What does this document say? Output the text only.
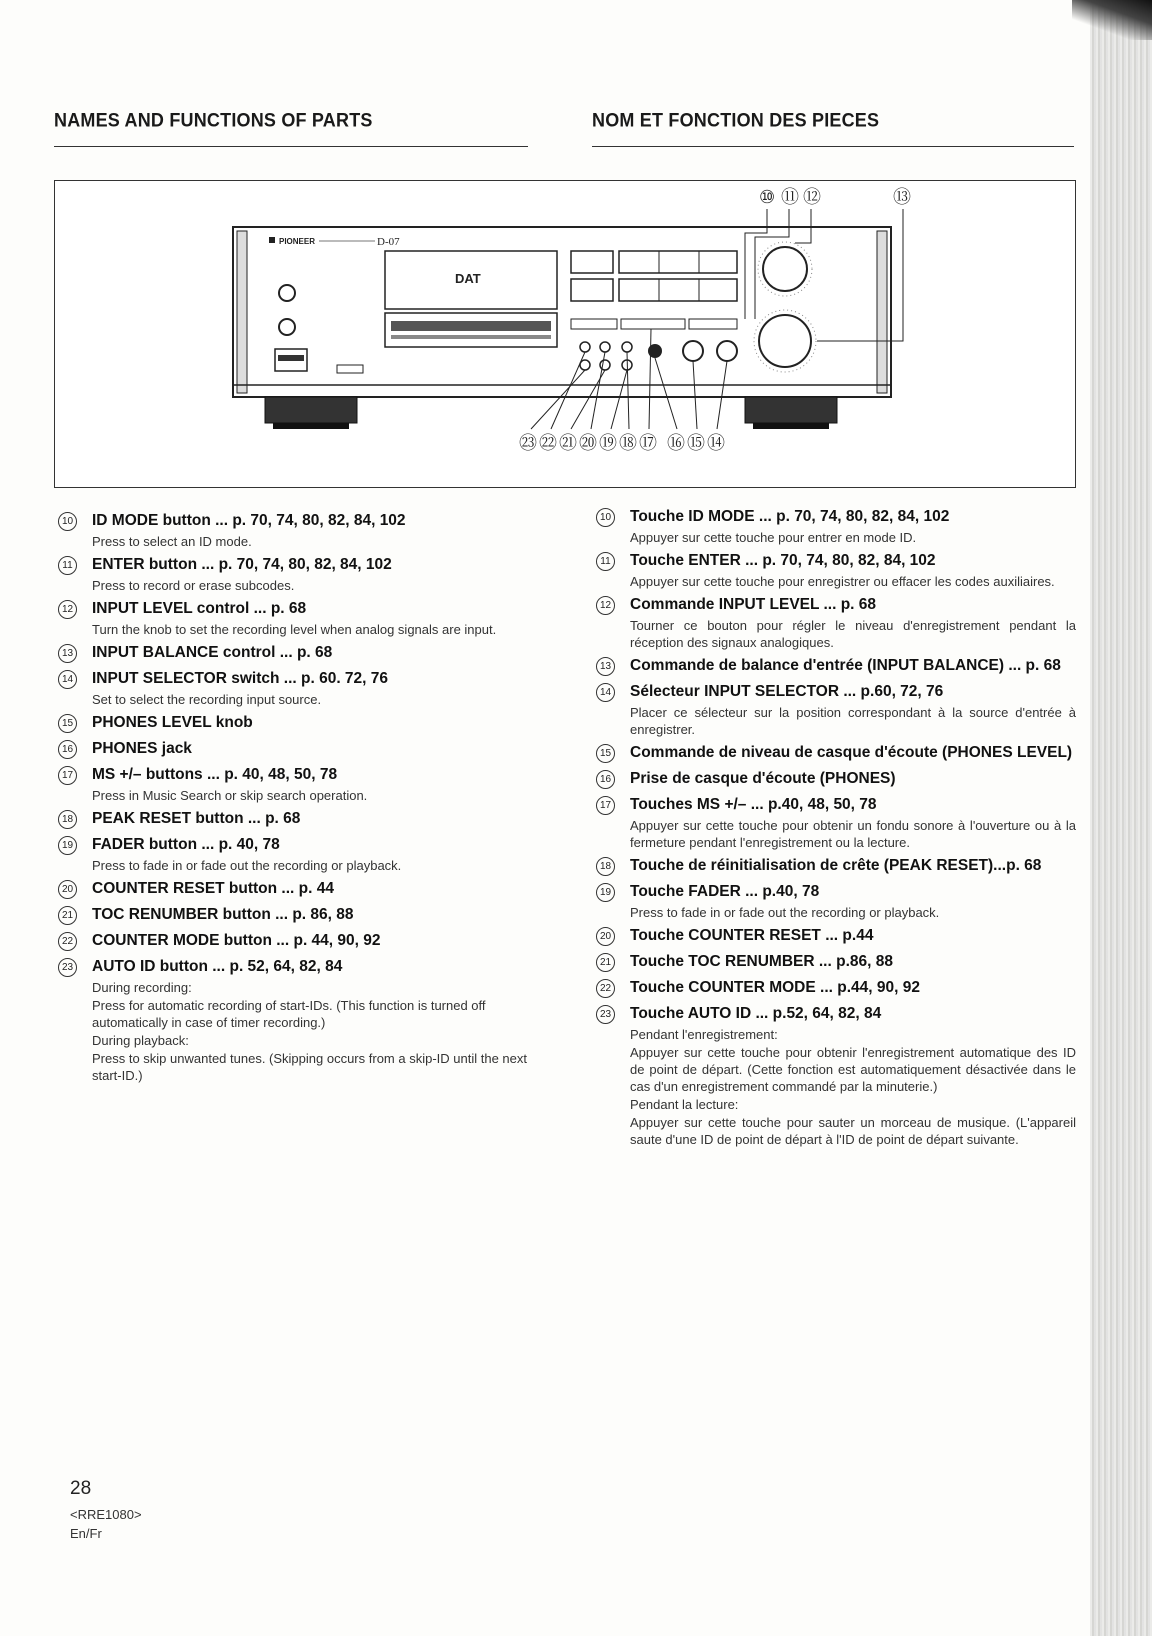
NAMES AND FUNCTIONS OF PARTS	NOM ET FONCTION DES PIECES
⑩ ⑪ ⑫	⑬
PIONEER	D-07
DAT
㉓ ㉒ ㉑ ⑳ ⑲ ⑱ ⑰ ⑯ ⑮ ⑭
10 ID MODE button ... p. 70, 74, 80, 82, 84, 102
Press to select an ID mode.
11 ENTER button ... p. 70, 74, 80, 82, 84, 102
Press to record or erase subcodes.
12 INPUT LEVEL control ... p. 68
Turn the knob to set the recording level when analog signals are input.
13 INPUT BALANCE control ... p. 68
14 INPUT SELECTOR switch ... p. 60. 72, 76
Set to select the recording input source.
15 PHONES LEVEL knob
16 PHONES jack
17 MS +/– buttons ... p. 40, 48, 50, 78
Press in Music Search or skip search operation.
18 PEAK RESET button ... p. 68
19 FADER button ... p. 40, 78
Press to fade in or fade out the recording or playback.
20 COUNTER RESET button ... p. 44
21 TOC RENUMBER button ... p. 86, 88
22 COUNTER MODE button ... p. 44, 90, 92
23 AUTO ID button ... p. 52, 64, 82, 84
During recording:
Press for automatic recording of start-IDs. (This function is turned off automatically in case of timer recording.)
During playback:
Press to skip unwanted tunes. (Skipping occurs from a skip-ID until the next start-ID.)
10 Touche ID MODE ... p. 70, 74, 80, 82, 84, 102
Appuyer sur cette touche pour entrer en mode ID.
11 Touche ENTER ... p. 70, 74, 80, 82, 84, 102
Appuyer sur cette touche pour enregistrer ou effacer les codes auxiliaires.
12 Commande INPUT LEVEL ... p. 68
Tourner ce bouton pour régler le niveau d'enregistrement pendant la réception des signaux analogiques.
13 Commande de balance d'entrée (INPUT BALANCE) ... p. 68
14 Sélecteur INPUT SELECTOR ... p.60, 72, 76
Placer ce sélecteur sur la position correspondant à la source d'entrée à enregistrer.
15 Commande de niveau de casque d'écoute (PHONES LEVEL)
16 Prise de casque d'écoute (PHONES)
17 Touches MS +/– ... p.40, 48, 50, 78
Appuyer sur cette touche pour obtenir un fondu sonore à l'ouverture ou à la fermeture pendant l'enregistrement ou la lecture.
18 Touche de réinitialisation de crête (PEAK RESET)...p. 68
19 Touche FADER ... p.40, 78
Press to fade in or fade out the recording or playback.
20 Touche COUNTER RESET ... p.44
21 Touche TOC RENUMBER ... p.86, 88
22 Touche COUNTER MODE ... p.44, 90, 92
23 Touche AUTO ID ... p.52, 64, 82, 84
Pendant l'enregistrement:
Appuyer sur cette touche pour obtenir l'enregistrement automatique des ID de point de départ. (Cette fonction est automatiquement désactivée dans le cas d'un enregistrement commandé par la minuterie.)
Pendant la lecture:
Appuyer sur cette touche pour sauter un morceau de musique. (L'appareil saute d'une ID de point de départ à l'ID de point de départ suivante.
28
<RRE1080>
En/Fr
